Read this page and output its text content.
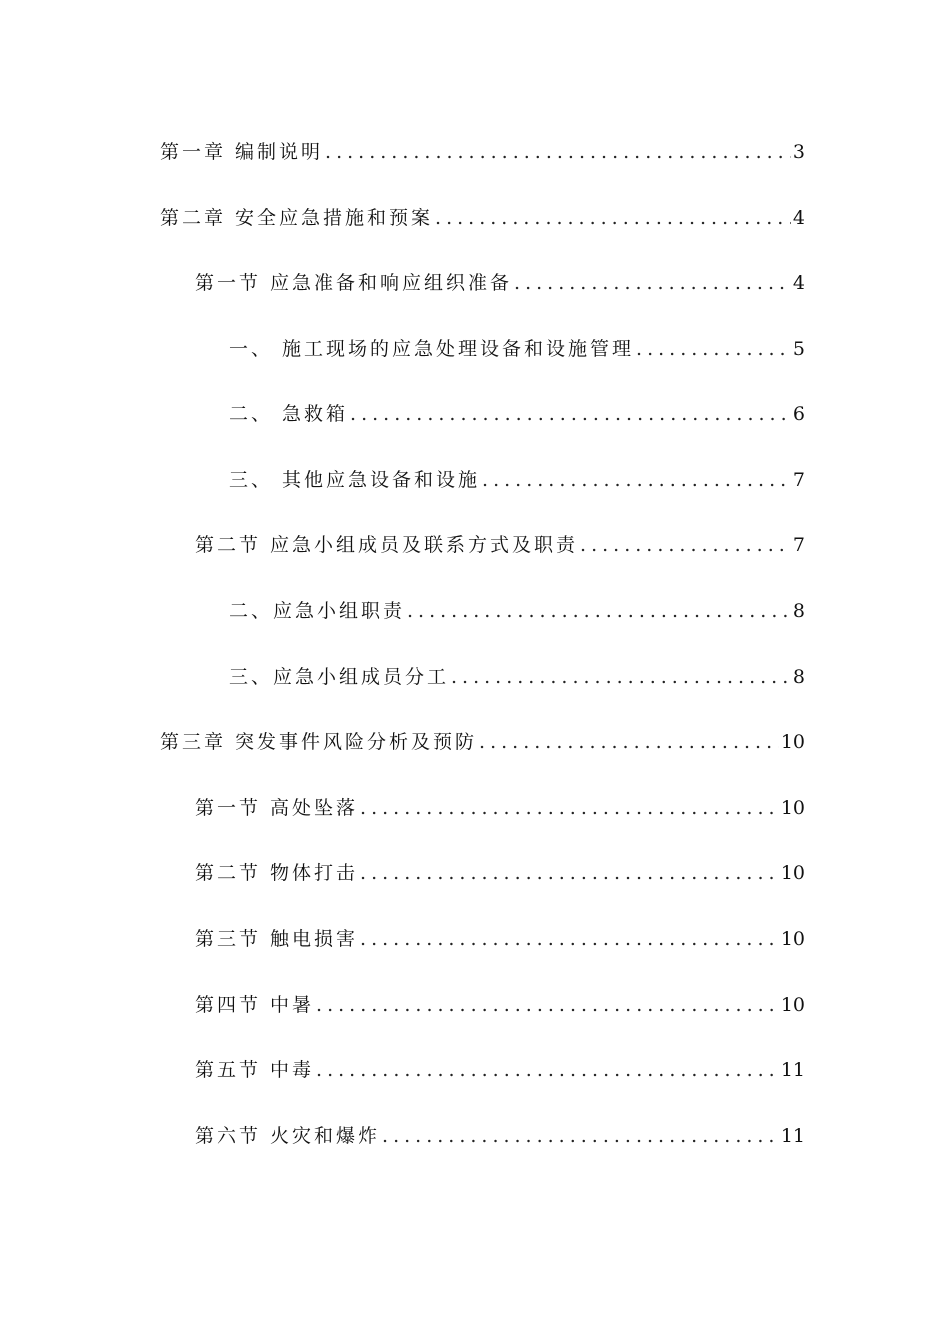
第一章 编制说明 .....	3
第二章 安全应急措施和预案 .....	4
第一节 应急准备和响应组织准备 .....	4
一、 施工现场的应急处理设备和设施管理 .....	5
二、 急救箱 .....	6
三、 其他应急设备和设施 .....	7
第二节 应急小组成员及联系方式及职责 .....	7
二、应急小组职责 .....	8
三、应急小组成员分工 .....	8
第三章 突发事件风险分析及预防 .....	10
第一节 高处坠落 .....	10
第二节 物体打击 .....	10
第三节 触电损害 .....	10
第四节 中暑 .....	10
第五节 中毒 .....	11
第六节 火灾和爆炸 .....	11
